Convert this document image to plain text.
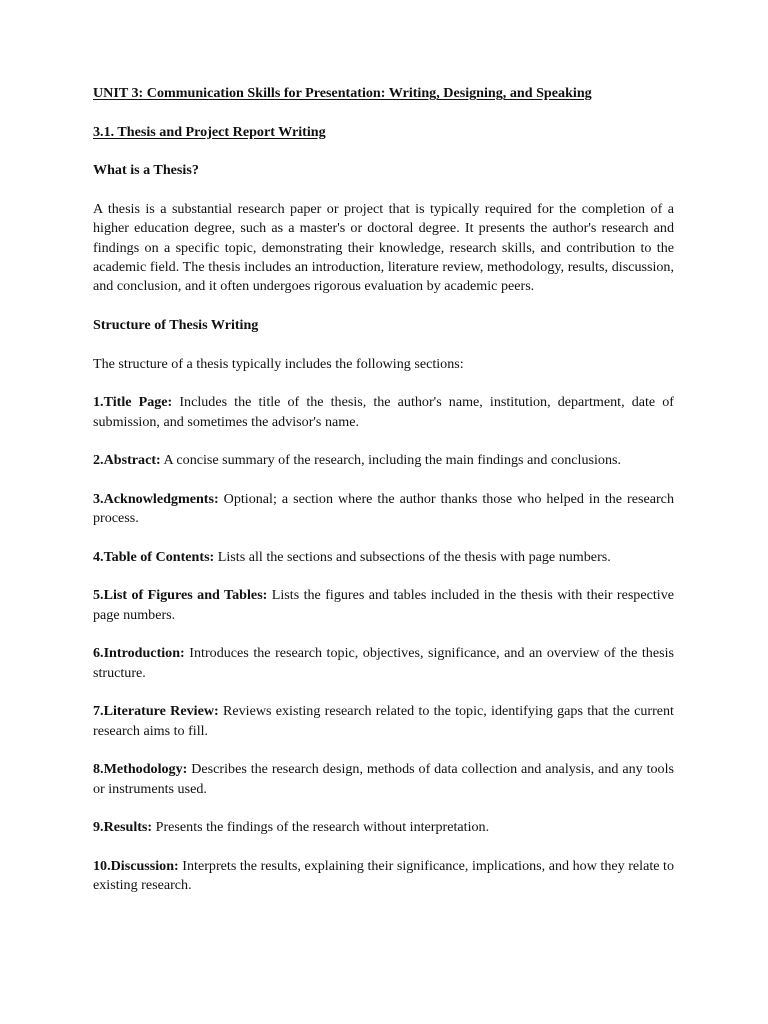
UNIT 3: Communication Skills for Presentation: Writing, Designing, and Speaking

3.1. Thesis and Project Report Writing

What is a Thesis?

A thesis is a substantial research paper or project that is typically required for the completion of a higher education degree, such as a master's or doctoral degree. It presents the author's research and findings on a specific topic, demonstrating their knowledge, research skills, and contribution to the academic field. The thesis includes an introduction, literature review, methodology, results, discussion, and conclusion, and it often undergoes rigorous evaluation by academic peers.

Structure of Thesis Writing

The structure of a thesis typically includes the following sections:

1.Title Page: Includes the title of the thesis, the author's name, institution, department, date of submission, and sometimes the advisor's name.

2.Abstract: A concise summary of the research, including the main findings and conclusions.

3.Acknowledgments: Optional; a section where the author thanks those who helped in the research process.

4.Table of Contents: Lists all the sections and subsections of the thesis with page numbers.

5.List of Figures and Tables: Lists the figures and tables included in the thesis with their respective page numbers.

6.Introduction: Introduces the research topic, objectives, significance, and an overview of the thesis structure.

7.Literature Review: Reviews existing research related to the topic, identifying gaps that the current research aims to fill.

8.Methodology: Describes the research design, methods of data collection and analysis, and any tools or instruments used.

9.Results: Presents the findings of the research without interpretation.

10.Discussion: Interprets the results, explaining their significance, implications, and how they relate to existing research.
